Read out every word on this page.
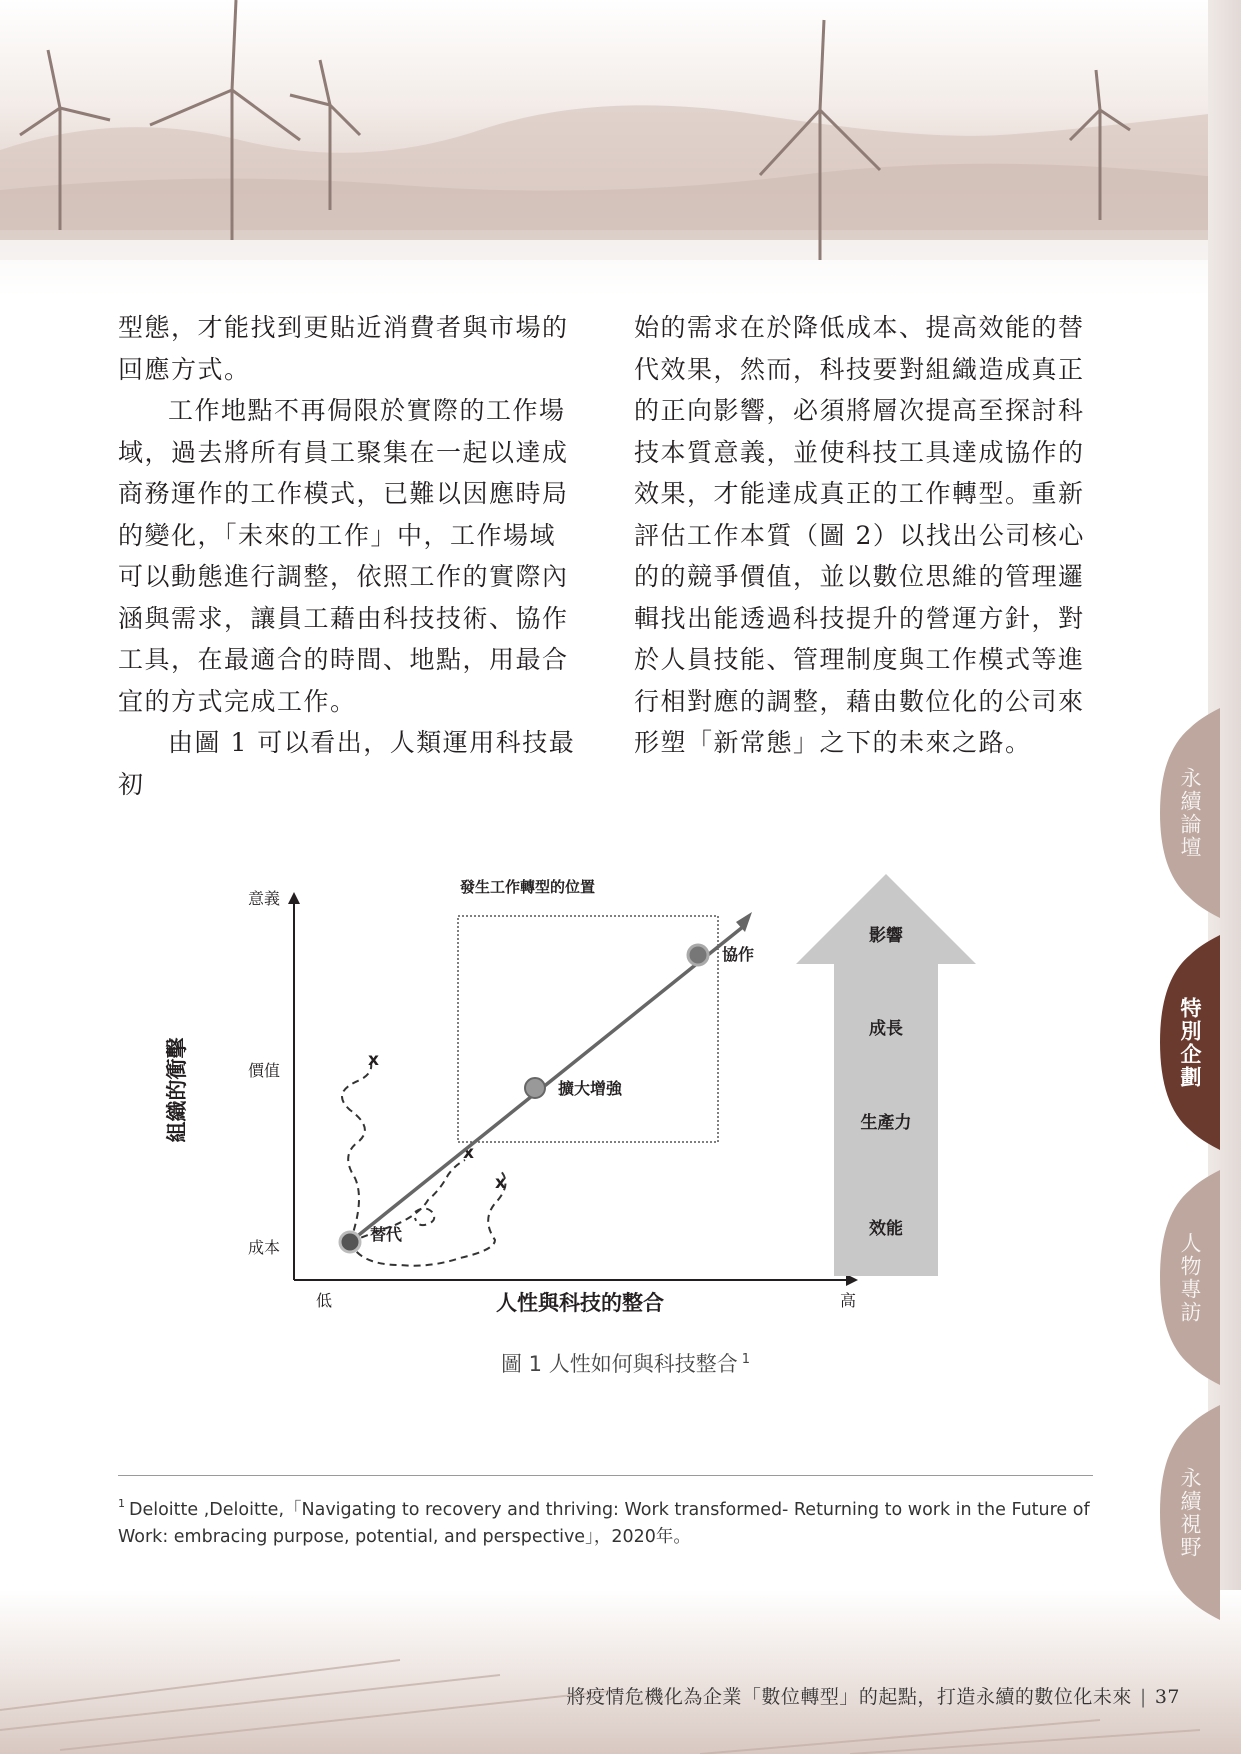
型態，才能找到更貼近消費者與市場的回應方式。

工作地點不再侷限於實際的工作場域，過去將所有員工聚集在一起以達成商務運作的工作模式，已難以因應時局的變化，「未來的工作」中，工作場域可以動態進行調整，依照工作的實際內涵與需求，讓員工藉由科技技術、協作工具，在最適合的時間、地點，用最合宜的方式完成工作。

由圖 1 可以看出，人類運用科技最初

始的需求在於降低成本、提高效能的替代效果，然而，科技要對組織造成真正的正向影響，必須將層次提高至探討科技本質意義，並使科技工具達成協作的效果，才能達成真正的工作轉型。重新評估工作本質（圖 2）以找出公司核心的的競爭價值，並以數位思維的管理邏輯找出能透過科技提升的營運方針，對於人員技能、管理制度與工作模式等進行相對應的調整，藉由數位化的公司來形塑「新常態」之下的未來之路。

意義
價值
成本
組織的衝擊
低	高
人性與科技的整合
發生工作轉型的位置
x
x
x
替代
擴大增強
協作
影響
成長
生產力
效能
圖 1 人性如何與科技整合 $^1$
$^1$ Deloitte ,Deloitte,「Navigating to recovery and thriving: Work transformed- Returning to work in the Future of Work: embracing purpose, potential, and perspective」，2020年。
將疫情危機化為企業「數位轉型」的起點，打造永續的數位化未來 | 37
永續論壇
特別企劃
人物專訪
永續視野
